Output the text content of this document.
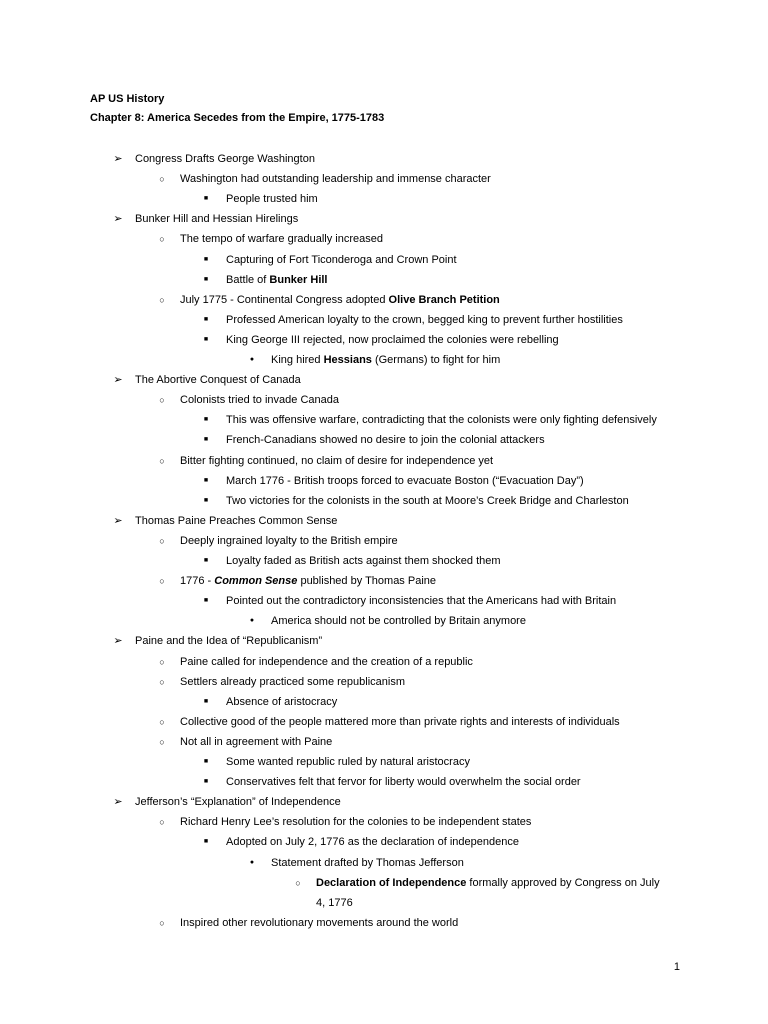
AP US History
Chapter 8: America Secedes from the Empire, 1775-1783
➢	Congress Drafts George Washington
○	Washington had outstanding leadership and immense character
■	People trusted him
➢	Bunker Hill and Hessian Hirelings
○	The tempo of warfare gradually increased
■	Capturing of Fort Ticonderoga and Crown Point
■	Battle of Bunker Hill
○	July 1775 - Continental Congress adopted Olive Branch Petition
■	Professed American loyalty to the crown, begged king to prevent further hostilities
■	King George III rejected, now proclaimed the colonies were rebelling
●	King hired Hessians (Germans) to fight for him
➢	The Abortive Conquest of Canada
○	Colonists tried to invade Canada
■	This was offensive warfare, contradicting that the colonists were only fighting defensively
■	French-Canadians showed no desire to join the colonial attackers
○	Bitter fighting continued, no claim of desire for independence yet
■	March 1776 - British troops forced to evacuate Boston (“Evacuation Day”)
■	Two victories for the colonists in the south at Moore’s Creek Bridge and Charleston
➢	Thomas Paine Preaches Common Sense
○	Deeply ingrained loyalty to the British empire
■	Loyalty faded as British acts against them shocked them
○	1776 - Common Sense published by Thomas Paine
■	Pointed out the contradictory inconsistencies that the Americans had with Britain
●	America should not be controlled by Britain anymore
➢	Paine and the Idea of “Republicanism”
○	Paine called for independence and the creation of a republic
○	Settlers already practiced some republicanism
■	Absence of aristocracy
○	Collective good of the people mattered more than private rights and interests of individuals
○	Not all in agreement with Paine
■	Some wanted republic ruled by natural aristocracy
■	Conservatives felt that fervor for liberty would overwhelm the social order
➢	Jefferson’s “Explanation” of Independence
○	Richard Henry Lee’s resolution for the colonies to be independent states
■	Adopted on July 2, 1776 as the declaration of independence
●	Statement drafted by Thomas Jefferson
○	Declaration of Independence formally approved by Congress on July
4, 1776
○	Inspired other revolutionary movements around the world
1
